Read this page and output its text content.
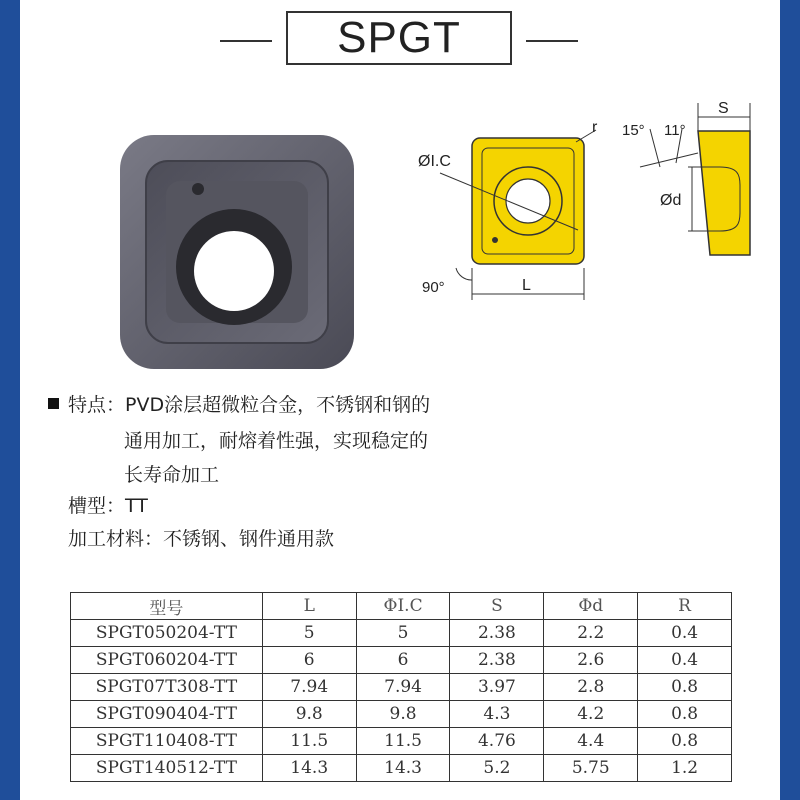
SPGT
ØI.C
r
90°	L
S
15° 11°
Ød
特点：PVD涂层超微粒合金，不锈钢和钢的
通用加工，耐熔着性强，实现稳定的
长寿命加工
槽型：TT
加工材料：不锈钢、钢件通用款
型号	L	ΦI.C	S	Φd	R
SPGT050204-TT	5	5	2.38	2.2	0.4
SPGT060204-TT	6	6	2.38	2.6	0.4
SPGT07T308-TT	7.94	7.94	3.97	2.8	0.8
SPGT090404-TT	9.8	9.8	4.3	4.2	0.8
SPGT110408-TT	11.5	11.5	4.76	4.4	0.8
SPGT140512-TT	14.3	14.3	5.2	5.75	1.2
